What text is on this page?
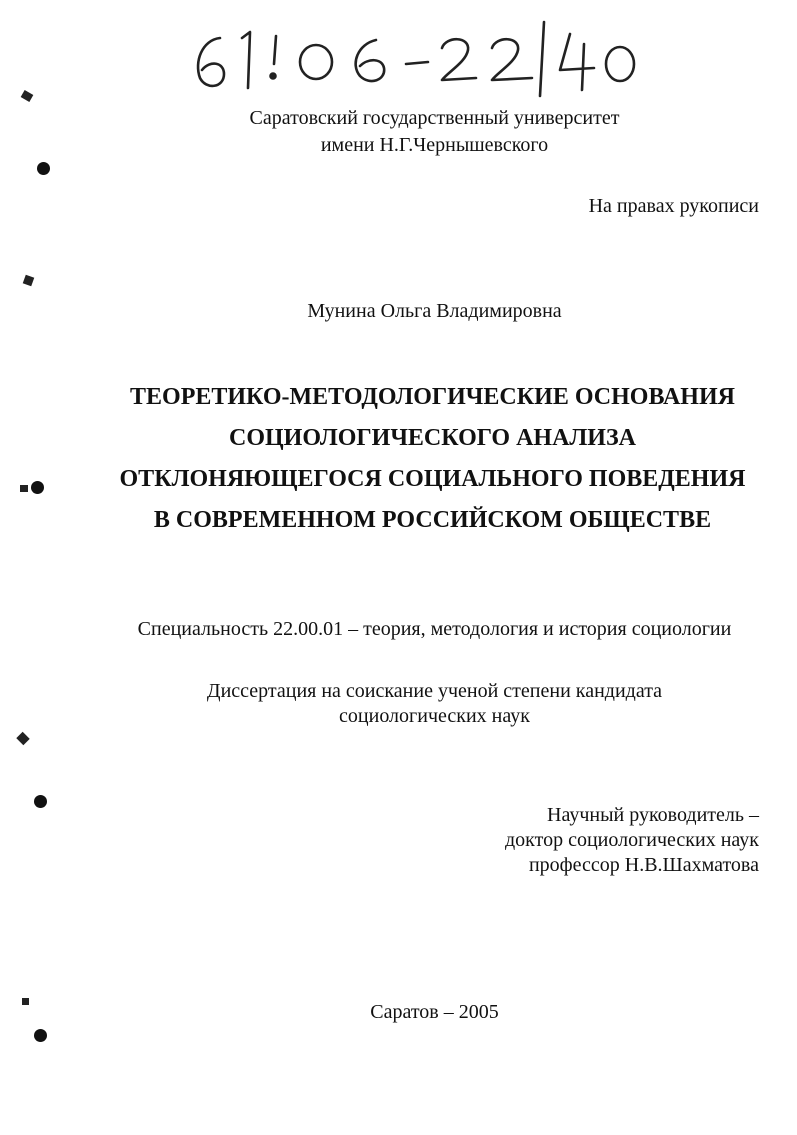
Саратовский государственный университет
имени Н.Г.Чернышевского
На правах рукописи
Мунина Ольга Владимировна
ТЕОРЕТИКО-МЕТОДОЛОГИЧЕСКИЕ ОСНОВАНИЯ
СОЦИОЛОГИЧЕСКОГО АНАЛИЗА
ОТКЛОНЯЮЩЕГОСЯ СОЦИАЛЬНОГО ПОВЕДЕНИЯ
В СОВРЕМЕННОМ РОССИЙСКОМ ОБЩЕСТВЕ
Специальность 22.00.01 – теория, методология и история социологии
Диссертация на соискание ученой степени кандидата
социологических наук
Научный руководитель –
доктор социологических наук
профессор Н.В.Шахматова
Саратов – 2005
